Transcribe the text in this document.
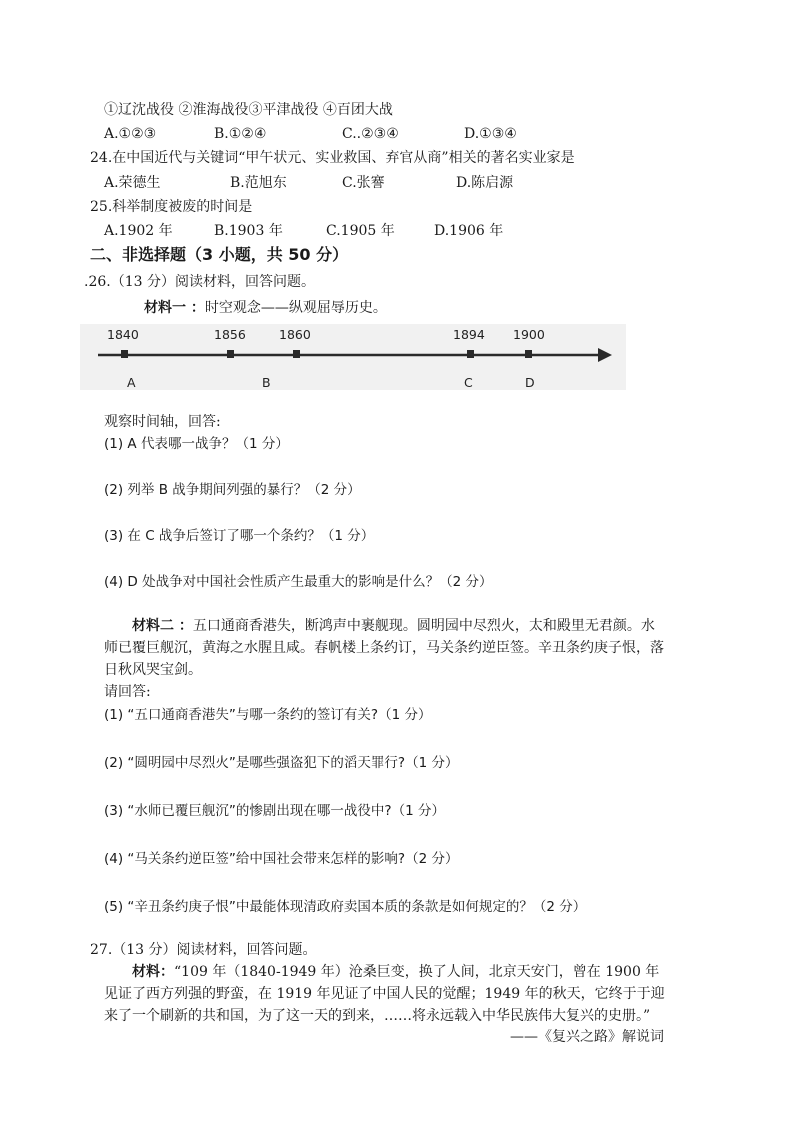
①辽沈战役 ②淮海战役③平津战役 ④百团大战
A.①②③	B.①②④	C..②③④	D.①③④
24.在中国近代与关键词“甲午状元、实业救国、弃官从商”相关的著名实业家是
A.荣德生	B.范旭东	C.张謇	D.陈启源
25.科举制度被废的时间是
A.1902 年	B.1903 年	C.1905 年	D.1906 年
二、非选择题（3 小题，共 50 分）
.26.（13 分）阅读材料，回答问题。
材料一 ：时空观念——纵观屈辱历史。
1840	1856	1860	1894 1900
A	B	C	D
观察时间轴，回答:
(1) A 代表哪一战争？（1 分）
(2) 列举 B 战争期间列强的暴行？（2 分）
(3) 在 C 战争后签订了哪一个条约？（1 分）
(4) D 处战争对中国社会性质产生最重大的影响是什么？（2 分）
材料二 ：五口通商香港失，断鸿声中裹舰现。圆明园中尽烈火，太和殿里无君颜。水
师已覆巨舰沉，黄海之水腥且咸。春帆楼上条约订，马关条约逆臣签。辛丑条约庚子恨，落
日秋风哭宝剑。
请回答:
(1) “五口通商香港失”与哪一条约的签订有关?（1 分）
(2) “圆明园中尽烈火”是哪些强盗犯下的滔天罪行?（1 分）
(3) “水师已覆巨舰沉”的惨剧出现在哪一战役中?（1 分）
(4) “马关条约逆臣签”给中国社会带来怎样的影响?（2 分）
(5) “辛丑条约庚子恨”中最能体现清政府卖国本质的条款是如何规定的？（2 分）
27.（13 分）阅读材料，回答问题。
材料：“109 年（1840-1949 年）沧桑巨变，换了人间，北京天安门，曾在 1900 年
见证了西方列强的野蛮，在 1919 年见证了中国人民的觉醒；1949 年的秋天，它终于于迎
来了一个刷新的共和国，为了这一天的到来，……将永远载入中华民族伟大复兴的史册。”
——《复兴之路》解说词
